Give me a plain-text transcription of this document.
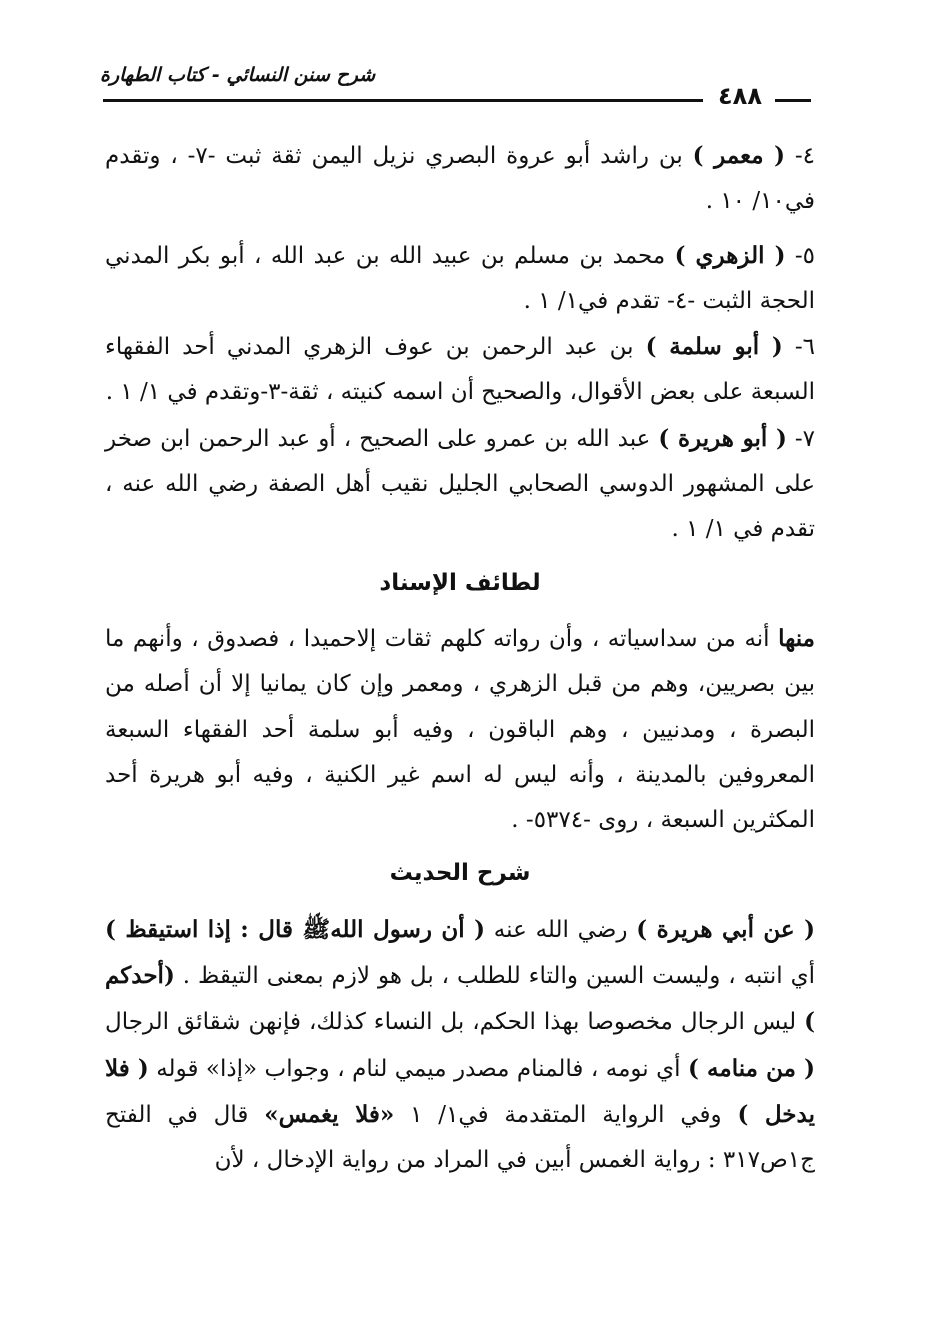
شرح سنن النسائي - كتاب الطهارة
٤٨٨

٤- ( معمر ) بن راشد أبو عروة البصري نزيل اليمن ثقة ثبت -٧- ، وتقدم في١٠/ ١٠ .

٥- ( الزهري ) محمد بن مسلم بن عبيد الله بن عبد الله ، أبو بكر المدني الحجة الثبت -٤- تقدم في١/ ١ .

٦- ( أبو سلمة ) بن عبد الرحمن بن عوف الزهري المدني أحد الفقهاء السبعة على بعض الأقوال، والصحيح أن اسمه كنيته ، ثقة-٣-وتقدم في ١/ ١ .

٧- ( أبو هريرة ) عبد الله بن عمرو على الصحيح ، أو عبد الرحمن ابن صخر على المشهور الدوسي الصحابي الجليل نقيب أهل الصفة رضي الله عنه ، تقدم في ١/ ١ .

لطائف الإسناد

منها أنه من سداسياته ، وأن رواته كلهم ثقات إلاحميدا ، فصدوق ، وأنهم ما بين بصريين، وهم من قبل الزهري ، ومعمر وإن كان يمانيا إلا أن أصله من البصرة ، ومدنيين ، وهم الباقون ، وفيه أبو سلمة أحد الفقهاء السبعة المعروفين بالمدينة ، وأنه ليس له اسم غير الكنية ، وفيه أبو هريرة أحد المكثرين السبعة ، روى -٥٣٧٤- .

شرح الحديث

( عن أبي هريرة ) رضي الله عنه ( أن رسول اللهﷺ قال : إذا استيقظ ) أي انتبه ، وليست السين والتاء للطلب ، بل هو لازم بمعنى التيقظ . (أحدكم ) ليس الرجال مخصوصا بهذا الحكم، بل النساء كذلك، فإنهن شقائق الرجال ( من منامه ) أي نومه ، فالمنام مصدر ميمي لنام ، وجواب «إذا» قوله ( فلا يدخل ) وفي الرواية المتقدمة في١/ ١ «فلا يغمس» قال في الفتح ج١ص٣١٧ : رواية الغمس أبين في المراد من رواية الإدخال ، لأن
